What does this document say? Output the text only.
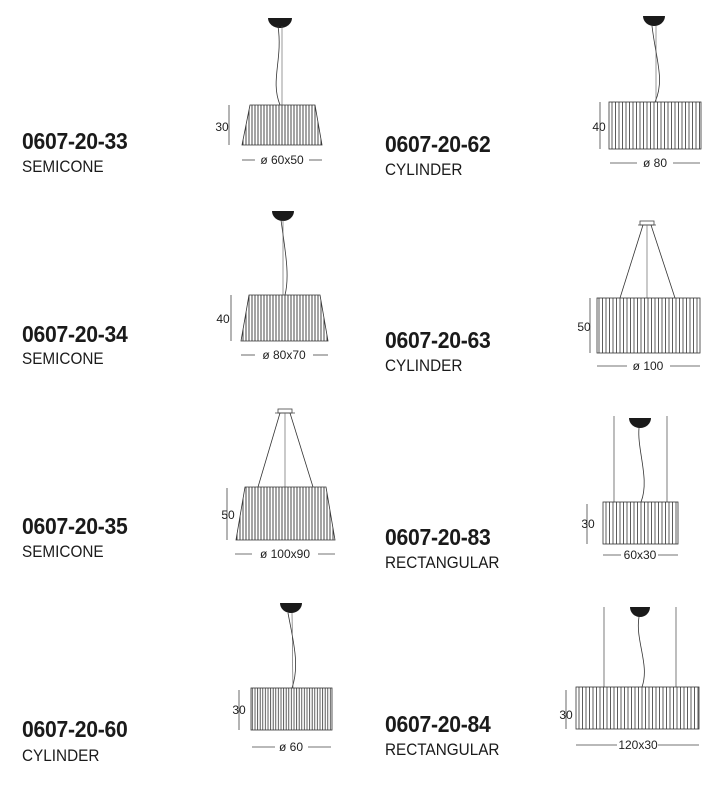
0607-20-33
SEMICONE
30
ø 60x50
0607-20-62
CYLINDER
40
ø 80
0607-20-34
SEMICONE
40
ø 80x70
0607-20-63
CYLINDER
50
ø 100
0607-20-35
SEMICONE
50
ø 100x90
0607-20-83
RECTANGULAR
30
60x30
0607-20-60
CYLINDER
30
ø 60
0607-20-84
RECTANGULAR
30
120x30
